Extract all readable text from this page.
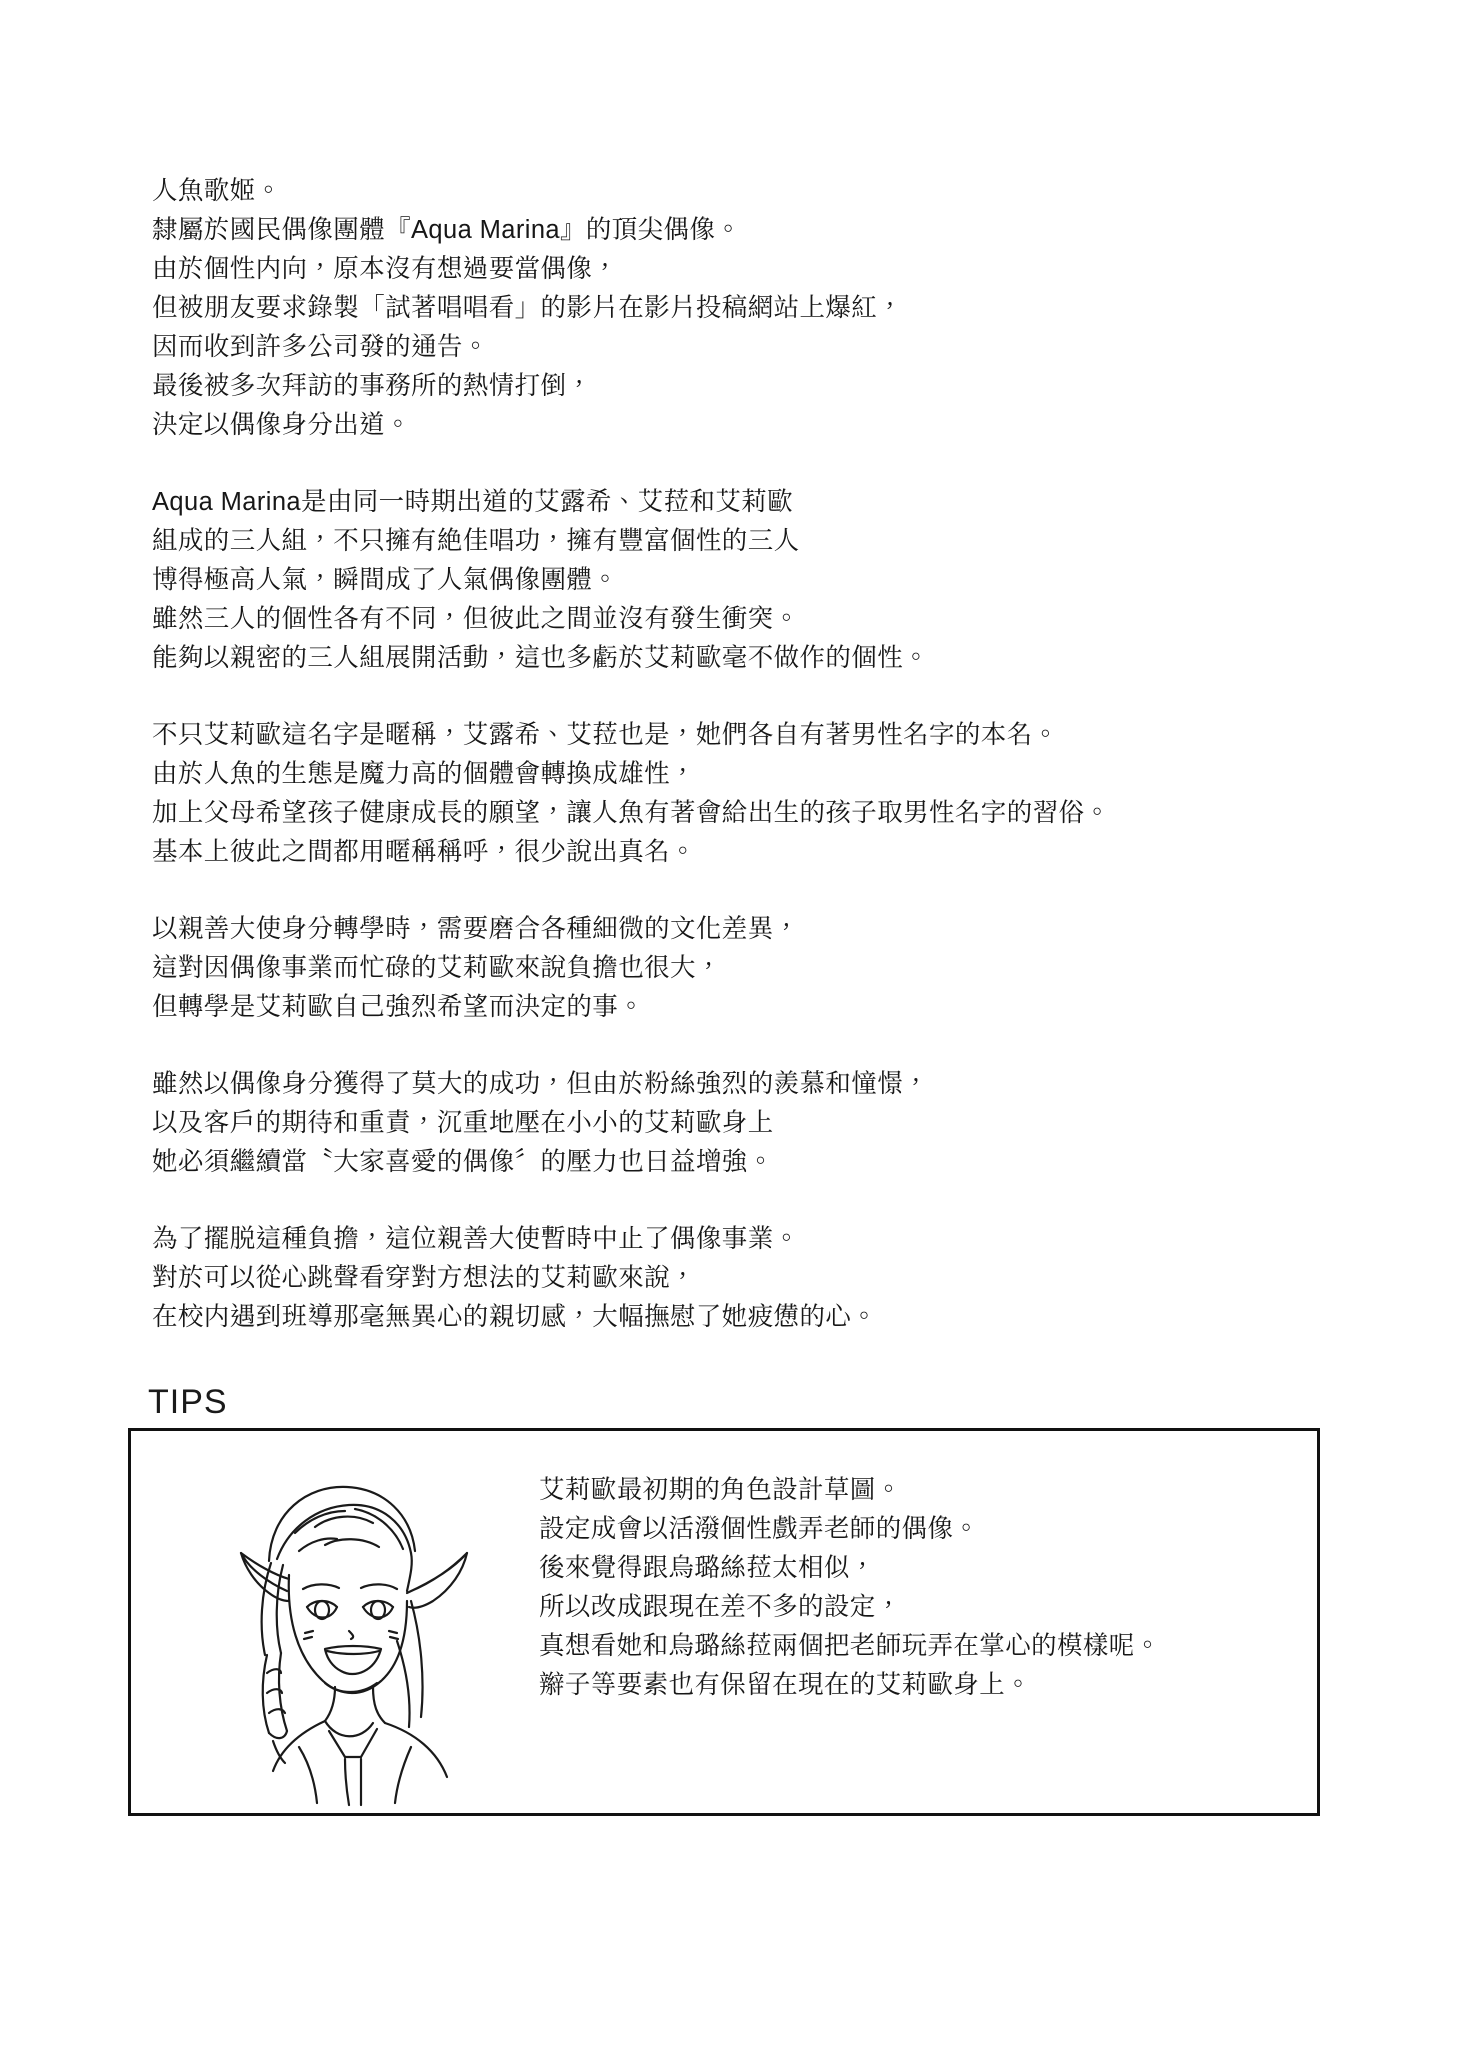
人魚歌姬。
隸屬於國民偶像團體『Aqua Marina』的頂尖偶像。
由於個性内向，原本沒有想過要當偶像，
但被朋友要求錄製「試著唱唱看」的影片在影片投稿網站上爆紅，
因而收到許多公司發的通告。
最後被多次拜訪的事務所的熱情打倒，
決定以偶像身分出道。
Aqua Marina是由同一時期出道的艾露希、艾菈和艾莉歐
組成的三人組，不只擁有絶佳唱功，擁有豐富個性的三人
博得極高人氣，瞬間成了人氣偶像團體。
雖然三人的個性各有不同，但彼此之間並沒有發生衝突。
能夠以親密的三人組展開活動，這也多虧於艾莉歐毫不做作的個性。
不只艾莉歐這名字是暱稱，艾露希、艾菈也是，她們各自有著男性名字的本名。
由於人魚的生態是魔力高的個體會轉換成雄性，
加上父母希望孩子健康成長的願望，讓人魚有著會給出生的孩子取男性名字的習俗。
基本上彼此之間都用暱稱稱呼，很少說出真名。
以親善大使身分轉學時，需要磨合各種細微的文化差異，
這對因偶像事業而忙碌的艾莉歐來說負擔也很大，
但轉學是艾莉歐自己強烈希望而決定的事。
雖然以偶像身分獲得了莫大的成功，但由於粉絲強烈的羨慕和憧憬，
以及客戶的期待和重責，沉重地壓在小小的艾莉歐身上
她必須繼續當〝大家喜愛的偶像〞的壓力也日益增強。
為了擺脱這種負擔，這位親善大使暫時中止了偶像事業。
對於可以從心跳聲看穿對方想法的艾莉歐來說，
在校内遇到班導那毫無異心的親切感，大幅撫慰了她疲憊的心。
TIPS
艾莉歐最初期的角色設計草圖。
設定成會以活潑個性戲弄老師的偶像。
後來覺得跟烏璐絲菈太相似，
所以改成跟現在差不多的設定，
真想看她和烏璐絲菈兩個把老師玩弄在掌心的模樣呢。
辮子等要素也有保留在現在的艾莉歐身上。
